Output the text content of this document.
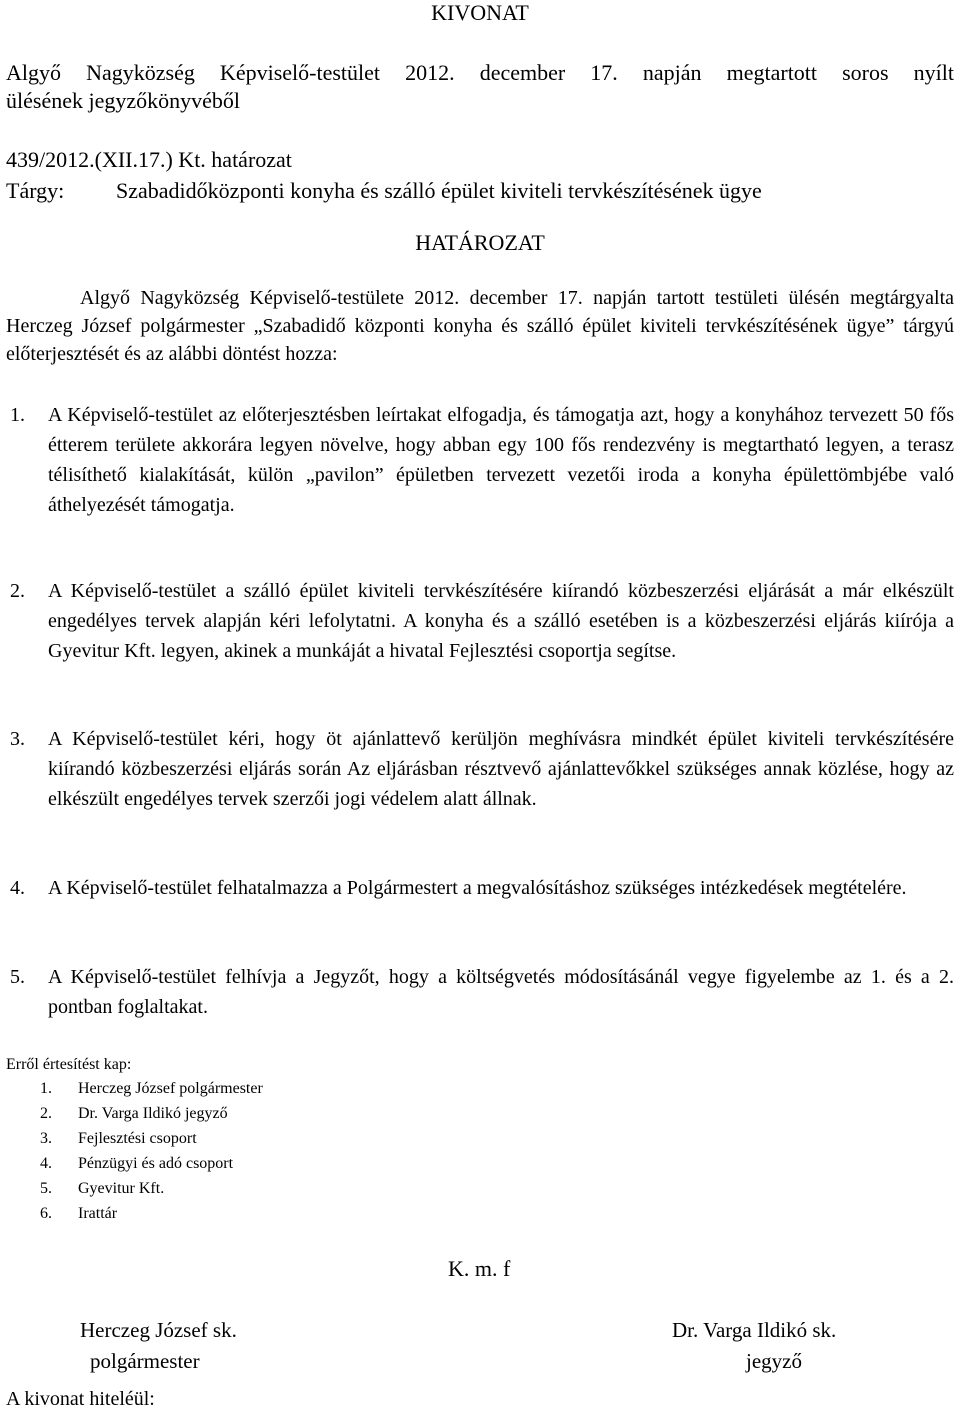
KIVONAT
Algyő Nagyközség Képviselő-testület 2012. december 17. napján megtartott soros nyílt
ülésének jegyzőkönyvéből
439/2012.(XII.17.) Kt. határozat
Tárgy: Szabadidőközponti konyha és szálló épület kiviteli tervkészítésének ügye
HATÁROZAT
Algyő Nagyközség Képviselő-testülete 2012. december 17. napján tartott testületi ülésén megtárgyalta Herczeg József polgármester „Szabadidő központi konyha és szálló épület kiviteli tervkészítésének ügye” tárgyú előterjesztését és az alábbi döntést hozza:
1. A Képviselő-testület az előterjesztésben leírtakat elfogadja, és támogatja azt, hogy a konyhához tervezett 50 fős étterem területe akkorára legyen növelve, hogy abban egy 100 fős rendezvény is megtartható legyen, a terasz télisíthető kialakítását, külön „pavilon” épületben tervezett vezetői iroda a konyha épülettömbjébe való áthelyezését támogatja.
2. A Képviselő-testület a szálló épület kiviteli tervkészítésére kiírandó közbeszerzési eljárását a már elkészült engedélyes tervek alapján kéri lefolytatni. A konyha és a szálló esetében is a közbeszerzési eljárás kiírója a Gyevitur Kft. legyen, akinek a munkáját a hivatal Fejlesztési csoportja segítse.
3. A Képviselő-testület kéri, hogy öt ajánlattevő kerüljön meghívásra mindkét épület kiviteli tervkészítésére kiírandó közbeszerzési eljárás során Az eljárásban résztvevő ajánlattevőkkel szükséges annak közlése, hogy az elkészült engedélyes tervek szerzői jogi védelem alatt állnak.
4. A Képviselő-testület felhatalmazza a Polgármestert a megvalósításhoz szükséges intézkedések megtételére.
5. A Képviselő-testület felhívja a Jegyzőt, hogy a költségvetés módosításánál vegye figyelembe az 1. és a 2. pontban foglaltakat.
Erről értesítést kap:
1. Herczeg József polgármester
2. Dr. Varga Ildikó jegyző
3. Fejlesztési csoport
4. Pénzügyi és adó csoport
5. Gyevitur Kft.
6. Irattár
K. m. f
Herczeg József sk.
polgármester
Dr. Varga Ildikó sk.
jegyző
A kivonat hiteléül:
